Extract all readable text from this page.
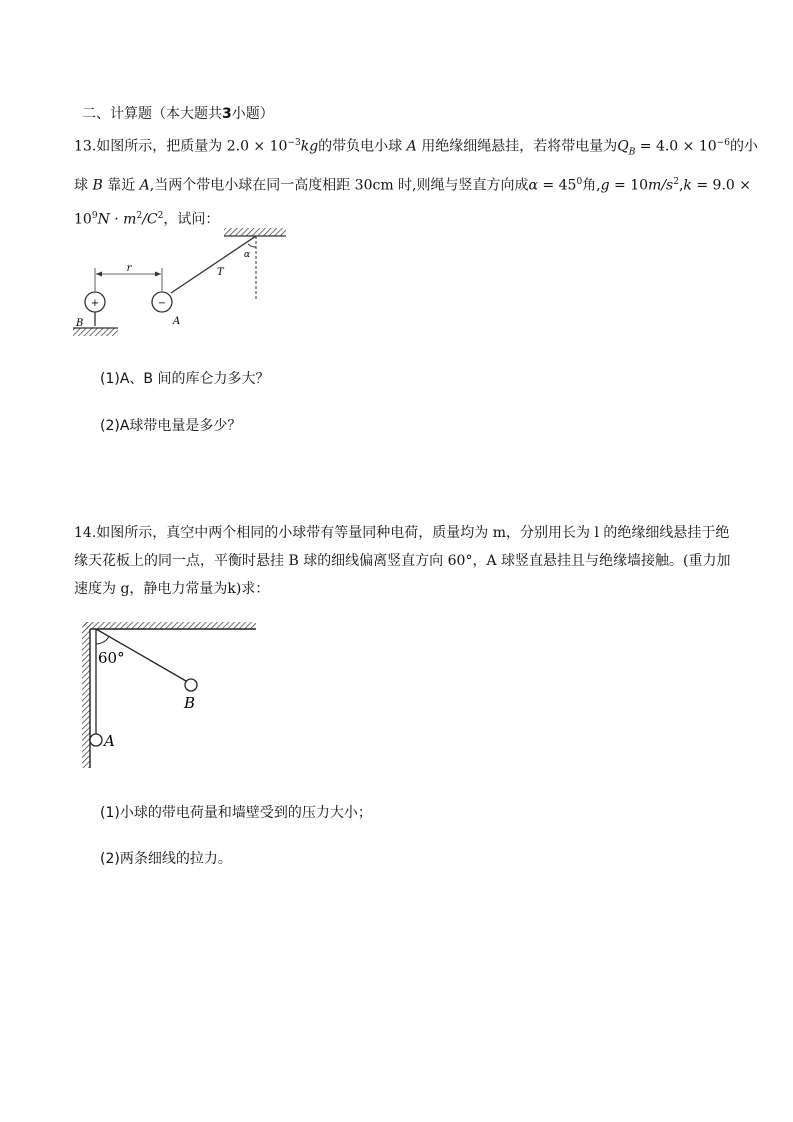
二、计算题（本大题共3小题）
13.如图所示，把质量为 $2.0 \times 10^{-3}kg$的带负电小球 A 用绝缘细绳悬挂，若将带电量为$Q_B = 4.0 \times 10^{-6}$的小
球 B 靠近 A,当两个带电小球在同一高度相距 30cm 时,则绳与竖直方向成$\alpha = 45^0$角$,g = 10m/s^2,k = 9.0$ ×
$10^9N \cdot m^2/C^2$，试问：
α
T
−
A
+
B
r
(1)A、B 间的库仑力多大？
(2)A球带电量是多少？
14.如图所示，真空中两个相同的小球带有等量同种电荷，质量均为 m，分别用长为 l 的绝缘细线悬挂于绝
缘天花板上的同一点，平衡时悬挂 B 球的细线偏离竖直方向 60°，A 球竖直悬挂且与绝缘墙接触。(重力加
速度为 g，静电力常量为k)求：
60°
B
A
(1)小球的带电荷量和墙壁受到的压力大小；
(2)两条细线的拉力。
